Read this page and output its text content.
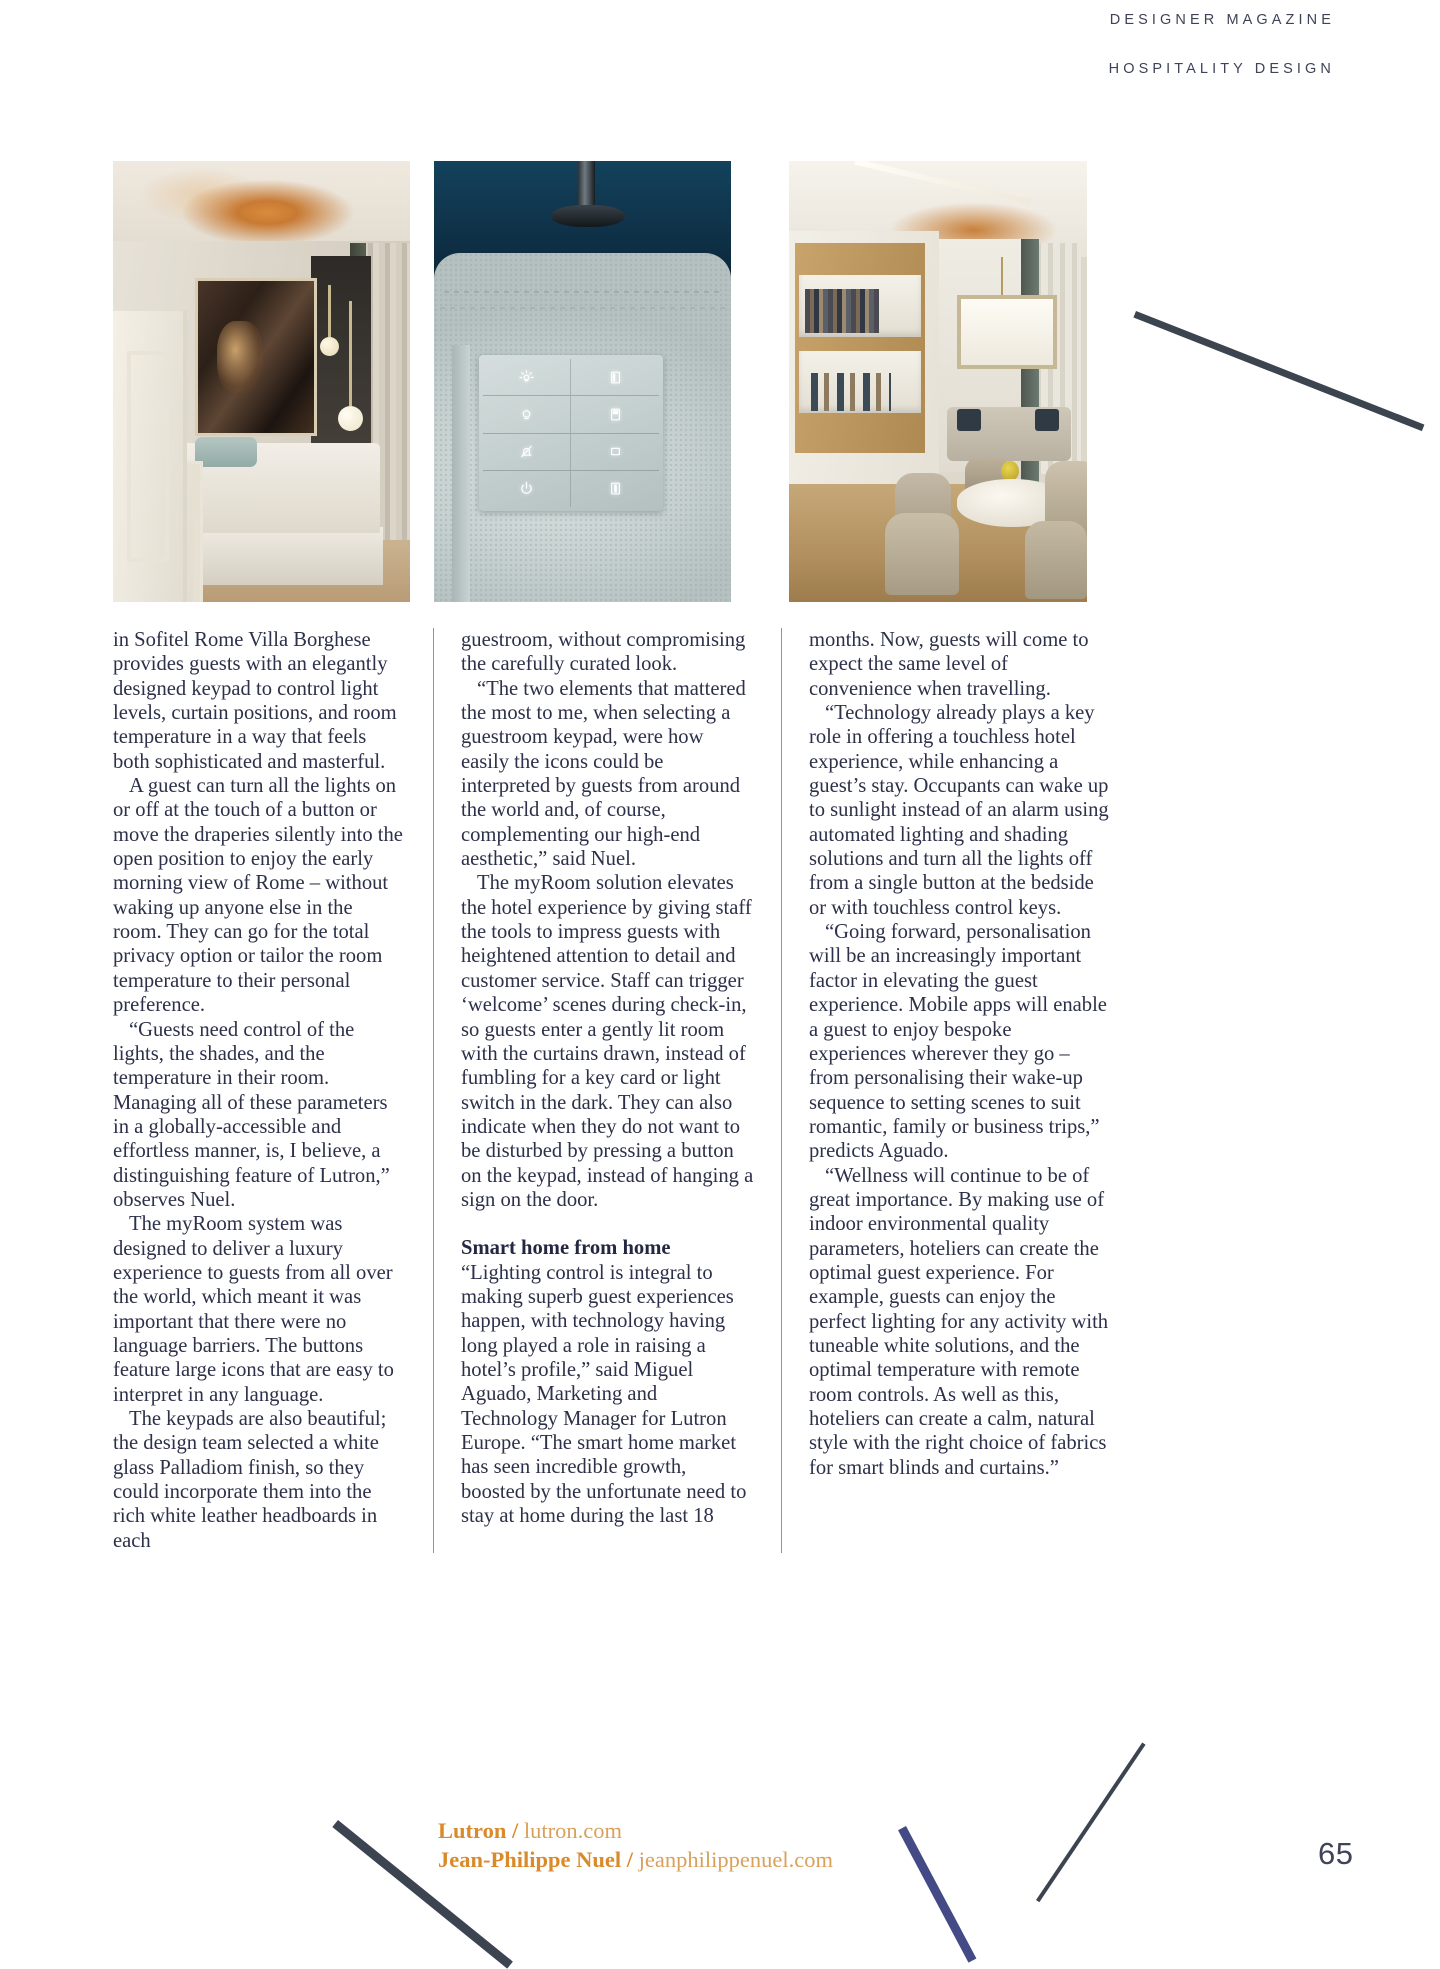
DESIGNER MAGAZINE
HOSPITALITY DESIGN
65

in Sofitel Rome Villa Borghese provides guests with an elegantly designed keypad to control light levels, curtain positions, and room temperature in a way that feels both sophisticated and masterful.

A guest can turn all the lights on or off at the touch of a button or move the draperies silently into the open position to enjoy the early morning view of Rome – without waking up anyone else in the room. They can go for the total privacy option or tailor the room temperature to their personal preference.

“Guests need control of the lights, the shades, and the temperature in their room. Managing all of these parameters in a globally-accessible and effortless manner, is, I believe, a distinguishing feature of Lutron,” observes Nuel.

The myRoom system was designed to deliver a luxury experience to guests from all over the world, which meant it was important that there were no language barriers. The buttons feature large icons that are easy to interpret in any language.

The keypads are also beautiful; the design team selected a white glass Palladiom finish, so they could incorporate them into the rich white leather headboards in each

guestroom, without compromising the carefully curated look.

“The two elements that mattered the most to me, when selecting a guestroom keypad, were how easily the icons could be interpreted by guests from around the world and, of course, complementing our high-end aesthetic,” said Nuel.

The myRoom solution elevates the hotel experience by giving staff the tools to impress guests with heightened attention to detail and customer service. Staff can trigger ‘welcome’ scenes during check-in, so guests enter a gently lit room with the curtains drawn, instead of fumbling for a key card or light switch in the dark. They can also indicate when they do not want to be disturbed by pressing a button on the keypad, instead of hanging a sign on the door.

Smart home from home

“Lighting control is integral to making superb guest experiences happen, with technology having long played a role in raising a hotel’s profile,” said Miguel Aguado, Marketing and Technology Manager for Lutron Europe. “The smart home market has seen incredible growth, boosted by the unfortunate need to stay at home during the last 18

months. Now, guests will come to expect the same level of convenience when travelling.

“Technology already plays a key role in offering a touchless hotel experience, while enhancing a guest’s stay. Occupants can wake up to sunlight instead of an alarm using automated lighting and shading solutions and turn all the lights off from a single button at the bedside or with touchless control keys.

“Going forward, personalisation will be an increasingly important factor in elevating the guest experience. Mobile apps will enable a guest to enjoy bespoke experiences wherever they go – from personalising their wake-up sequence to setting scenes to suit romantic, family or business trips,” predicts Aguado.

“Wellness will continue to be of great importance. By making use of indoor environmental quality parameters, hoteliers can create the optimal guest experience. For example, guests can enjoy the perfect lighting for any activity with tuneable white solutions, and the optimal temperature with remote room controls. As well as this, hoteliers can create a calm, natural style with the right choice of fabrics for smart blinds and curtains.”

Lutron / lutron.com
Jean-Philippe Nuel / jeanphilippenuel.com
